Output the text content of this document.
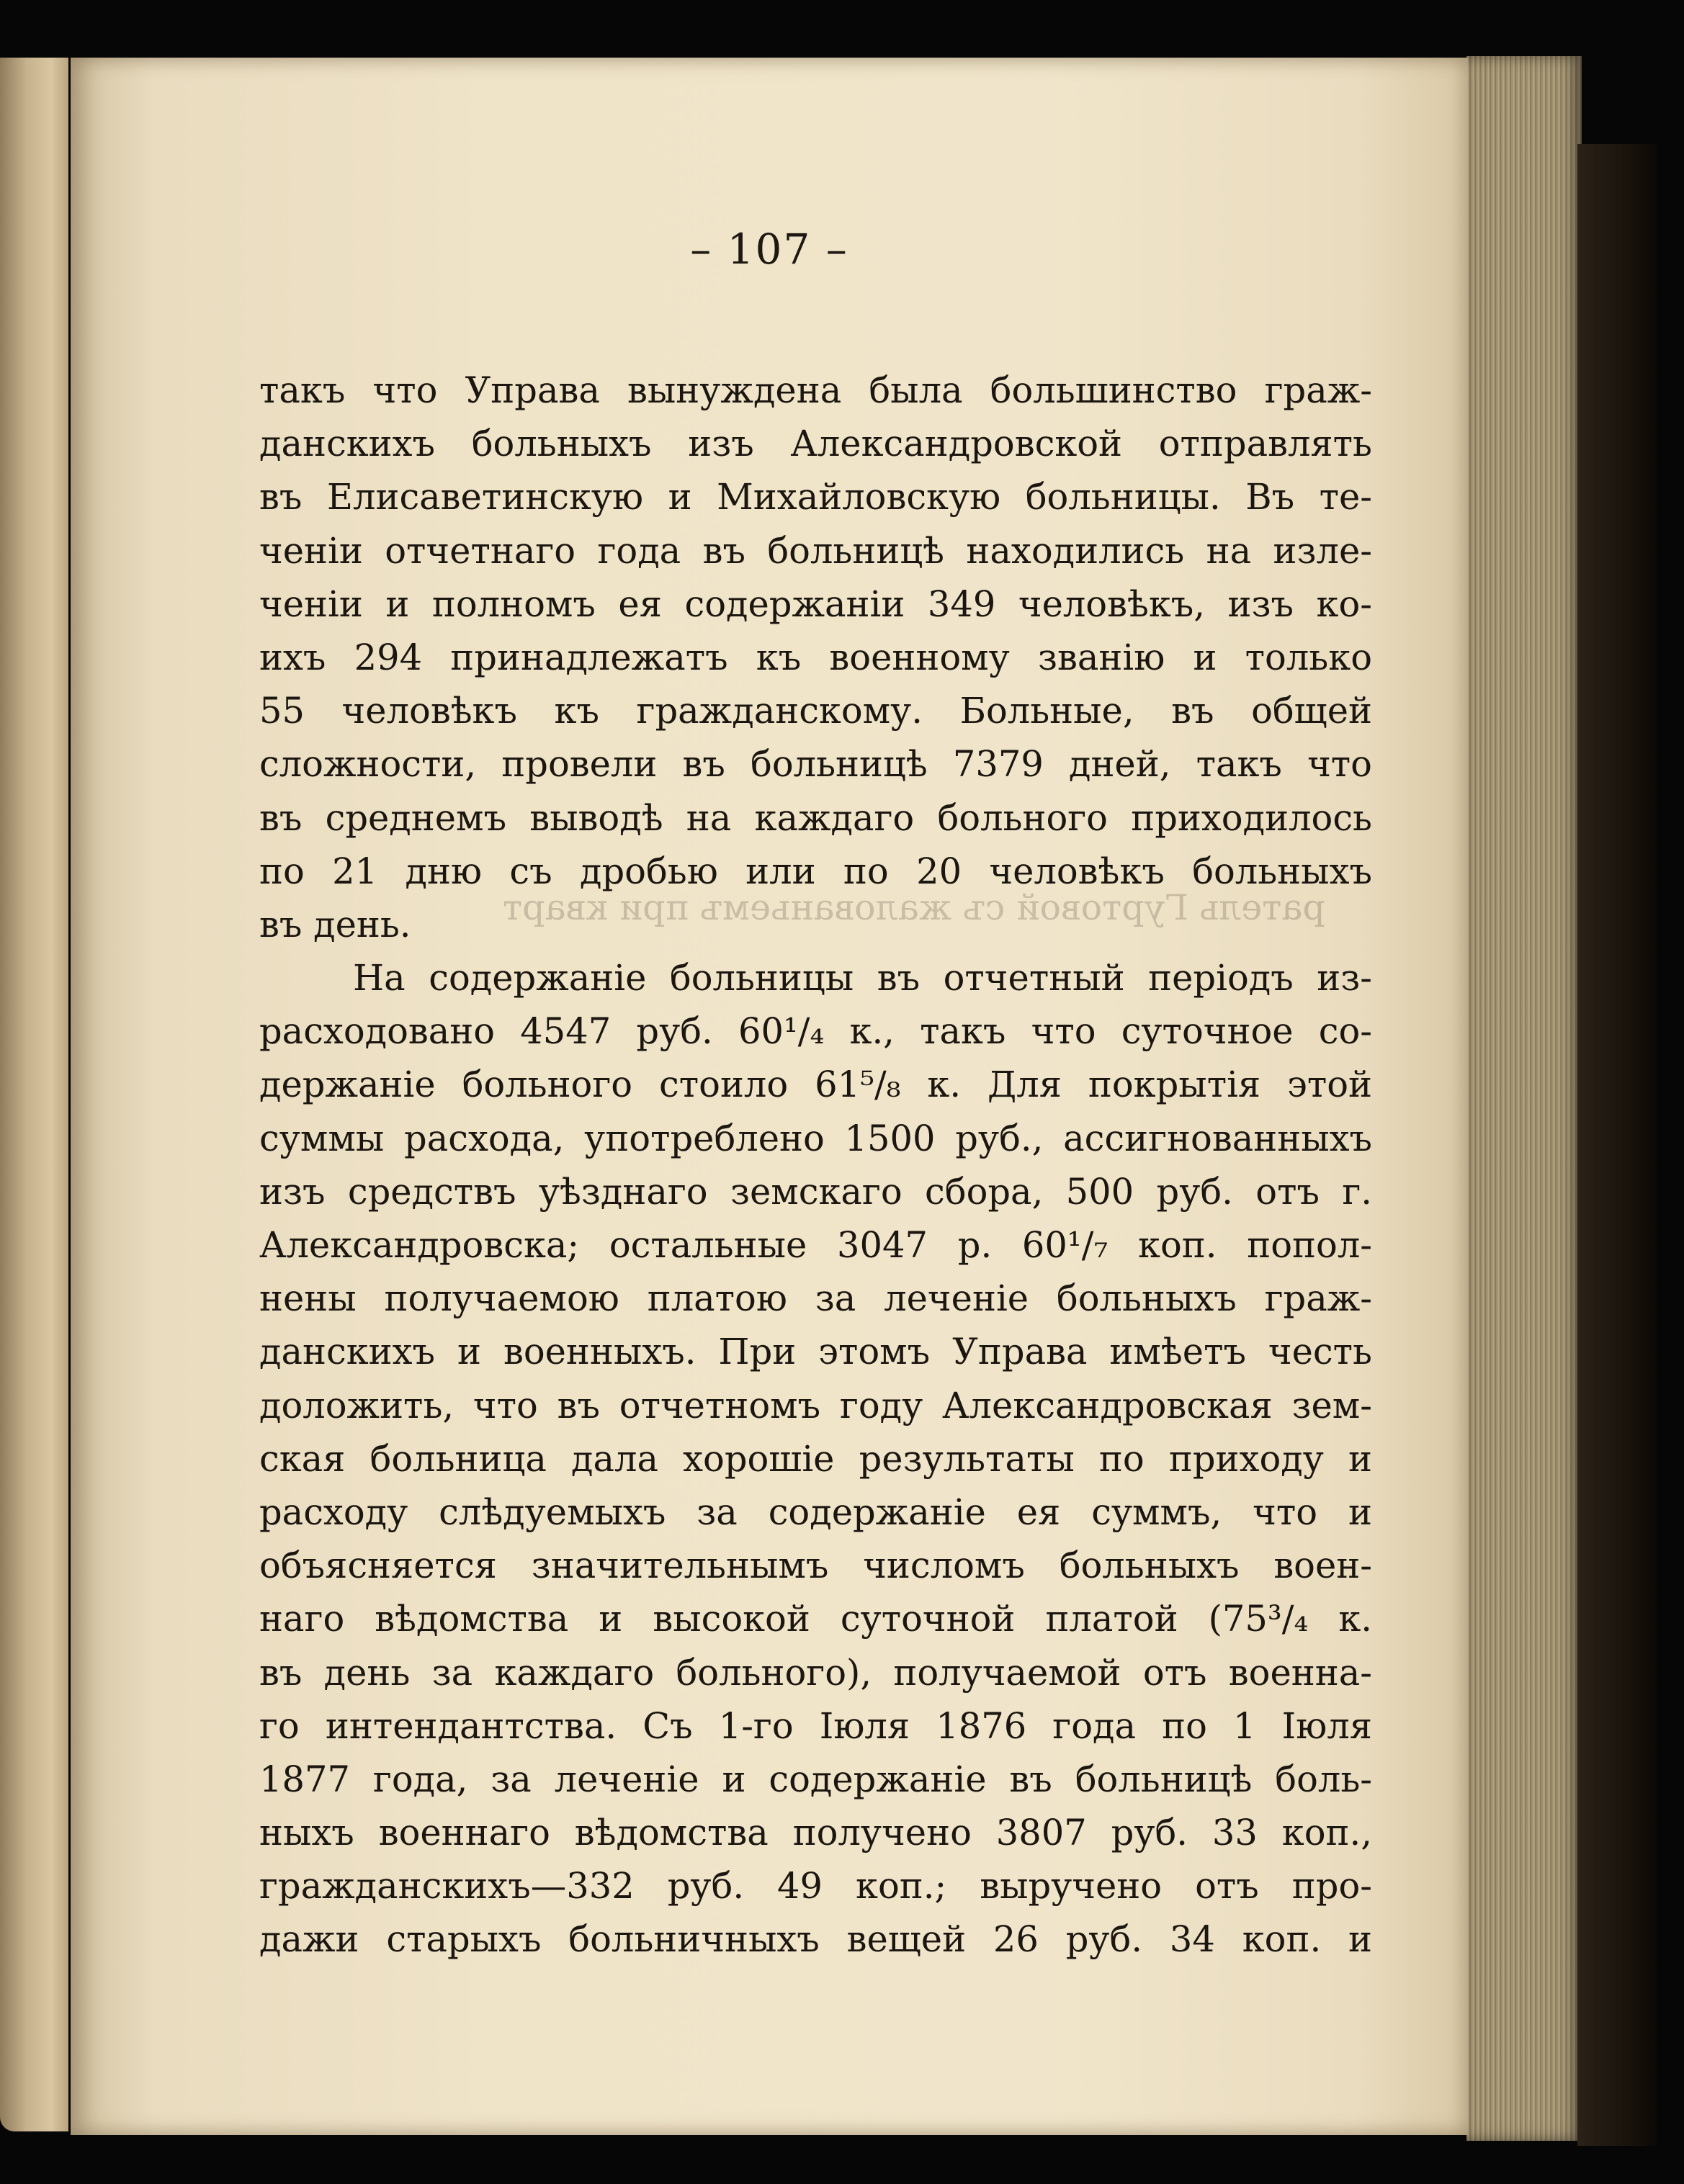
– 107 –
ратель Гуртовой съ жалованьемъ при кварт
такъ что Управа вынуждена была большинство граж-
данскихъ больныхъ изъ Александровской отправлять
въ Елисаветинскую и Михайловскую больницы. Въ те-
ченіи отчетнаго года въ больницѣ находились на изле-
ченіи и полномъ ея содержаніи 349 человѣкъ, изъ ко-
ихъ 294 принадлежатъ къ военному званію и только
55 человѣкъ къ гражданскому. Больные, въ общей
сложности, провели въ больницѣ 7379 дней, такъ что
въ среднемъ выводѣ на каждаго больного приходилось
по 21 дню съ дробью или по 20 человѣкъ больныхъ
въ день.
На содержаніе больницы въ отчетный періодъ из-
расходовано 4547 руб. 60¹/₄ к., такъ что суточное со-
держаніе больного стоило 61⁵/₈ к. Для покрытія этой
суммы расхода, употреблено 1500 руб., ассигнованныхъ
изъ средствъ уѣзднаго земскаго сбора, 500 руб. отъ г.
Александровска; остальные 3047 р. 60¹/₇ коп. попол-
нены получаемою платою за леченіе больныхъ граж-
данскихъ и военныхъ. При этомъ Управа имѣетъ честь
доложить, что въ отчетномъ году Александровская зем-
ская больница дала хорошіе результаты по приходу и
расходу слѣдуемыхъ за содержаніе ея суммъ, что и
объясняется значительнымъ числомъ больныхъ воен-
наго вѣдомства и высокой суточной платой (75³/₄ к.
въ день за каждаго больного), получаемой отъ военна-
го интендантства. Съ 1-го Іюля 1876 года по 1 Іюля
1877 года, за леченіе и содержаніе въ больницѣ боль-
ныхъ военнаго вѣдомства получено 3807 руб. 33 коп.,
гражданскихъ—332 руб. 49 коп.; выручено отъ про-
дажи старыхъ больничныхъ вещей 26 руб. 34 коп. и
